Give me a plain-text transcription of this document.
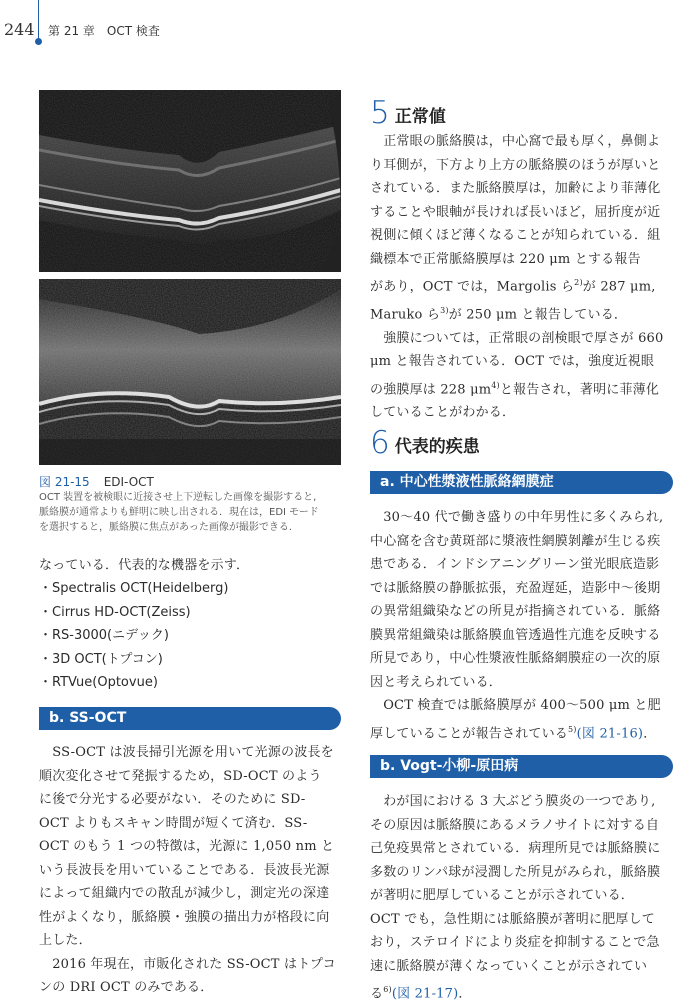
244 第 21 章　OCT 検査
図 21-15 EDI-OCT
OCT 装置を被検眼に近接させ上下逆転した画像を撮影すると,
脈絡膜が通常よりも鮮明に映し出される．現在は，EDI モード
を選択すると，脈絡膜に焦点があった画像が撮影できる．
なっている．代表的な機器を示す．
・Spectralis OCT(Heidelberg)
・Cirrus HD-OCT(Zeiss)
・RS-3000(ニデック)
・3D OCT(トプコン)
・RTVue(Optovue)
b. SS-OCT
　SS-OCT は波長掃引光源を用いて光源の波長を
順次変化させて発振するため，SD-OCT のよう
に後で分光する必要がない．そのために SD-
OCT よりもスキャン時間が短くて済む．SS-
OCT のもう 1 つの特徴は，光源に 1,050 nm と
いう長波長を用いていることである．長波長光源
によって組織内での散乱が減少し，測定光の深達
性がよくなり，脈絡膜・強膜の描出力が格段に向
上した．
　2016 年現在，市販化された SS-OCT はトプコ
ンの DRI OCT のみである．
5 正常値
　正常眼の脈絡膜は，中心窩で最も厚く，鼻側よ
り耳側が，下方より上方の脈絡膜のほうが厚いと
されている．また脈絡膜厚は，加齢により菲薄化
することや眼軸が長ければ長いほど，屈折度が近
視側に傾くほど薄くなることが知られている．組
織標本で正常脈絡膜厚は 220 μm とする報告
があり，OCT では，Margolis ら$^{2)}$が 287 μm,
Maruko ら$^{3)}$が 250 μm と報告している．
　強膜については，正常眼の剖検眼で厚さが 660
μm と報告されている．OCT では，強度近視眼
の強膜厚は 228 $\mu m^{4)}$と報告され，著明に菲薄化
していることがわかる．
6 代表的疾患
a. 中心性漿液性脈絡網膜症
　30〜40 代で働き盛りの中年男性に多くみられ,
中心窩を含む黄斑部に漿液性網膜剝離が生じる疾
患である．インドシアニングリーン蛍光眼底造影
では脈絡膜の静脈拡張，充盈遅延，造影中〜後期
の異常組織染などの所見が指摘されている．脈絡
膜異常組織染は脈絡膜血管透過性亢進を反映する
所見であり，中心性漿液性脈絡網膜症の一次的原
因と考えられている．
　OCT 検査では脈絡膜厚が 400〜500 μm と肥
厚していることが報告されている$^{5)}$(図 21-16)．
b. Vogt-小柳-原田病
　わが国における 3 大ぶどう膜炎の一つであり,
その原因は脈絡膜にあるメラノサイトに対する自
己免疫異常とされている．病理所見では脈絡膜に
多数のリンパ球が浸潤した所見がみられ，脈絡膜
が著明に肥厚していることが示されている．
OCT でも，急性期には脈絡膜が著明に肥厚して
おり，ステロイドにより炎症を抑制することで急
速に脈絡膜が薄くなっていくことが示されてい
る$^{6)}$(図 21-17)．
